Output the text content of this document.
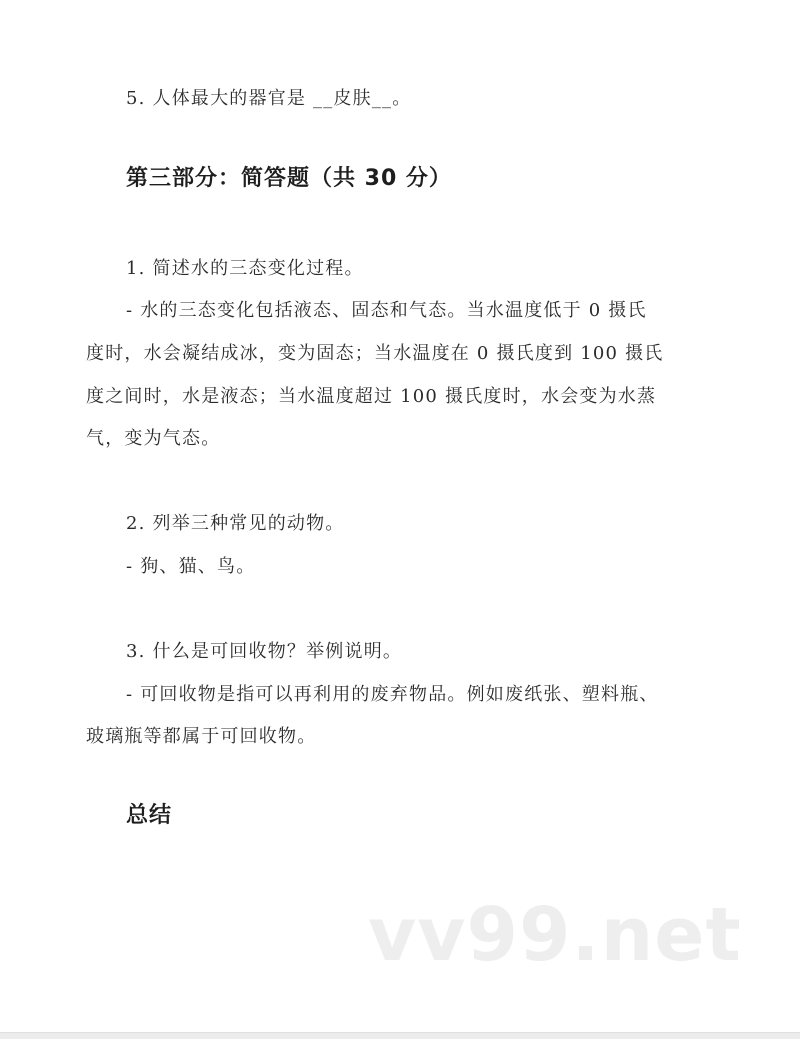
5. 人体最大的器官是 __皮肤__。

第三部分：简答题（共 30 分）

1. 简述水的三态变化过程。

- 水的三态变化包括液态、固态和气态。当水温度低于 0 摄氏

度时，水会凝结成冰，变为固态；当水温度在 0 摄氏度到 100 摄氏

度之间时，水是液态；当水温度超过 100 摄氏度时，水会变为水蒸

气，变为气态。

2. 列举三种常见的动物。

- 狗、猫、鸟。

3. 什么是可回收物？举例说明。

- 可回收物是指可以再利用的废弃物品。例如废纸张、塑料瓶、

玻璃瓶等都属于可回收物。

总结
vv99.net
